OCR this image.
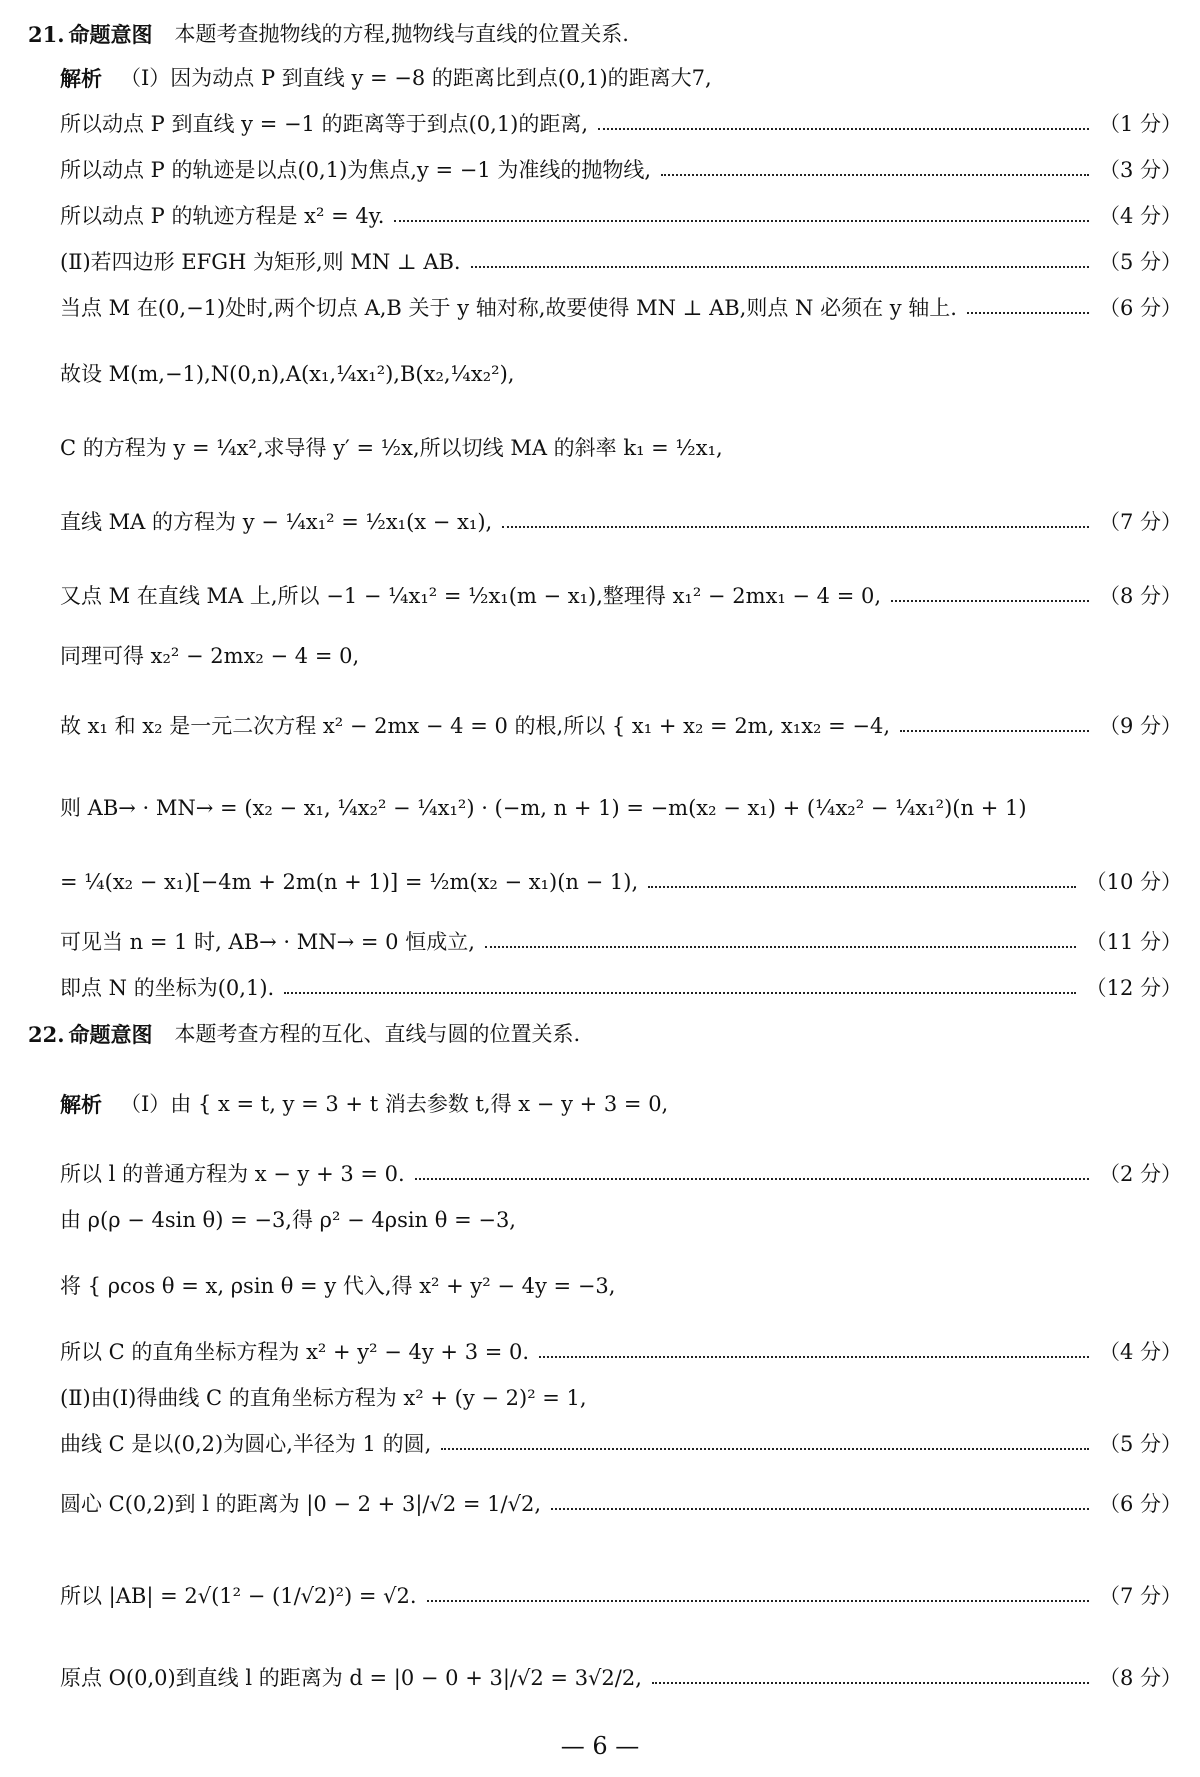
21. 命题意图 本题考查抛物线的方程,抛物线与直线的位置关系.
解析 （Ⅰ）因为动点 P 到直线 y = −8 的距离比到点(0,1)的距离大7,
所以动点 P 到直线 y = −1 的距离等于到点(0,1)的距离,	（1 分）
所以动点 P 的轨迹是以点(0,1)为焦点,y = −1 为准线的抛物线,	（3 分）
所以动点 P 的轨迹方程是 x² = 4y.	（4 分）
(Ⅱ)若四边形 EFGH 为矩形,则 MN ⊥ AB.	（5 分）
当点 M 在(0,−1)处时,两个切点 A,B 关于 y 轴对称,故要使得 MN ⊥ AB,则点 N 必须在 y 轴上.	（6 分）
故设 M(m,−1),N(0,n),A(x₁,¼x₁²),B(x₂,¼x₂²),
C 的方程为 y = ¼x²,求导得 y′ = ½x,所以切线 MA 的斜率 k₁ = ½x₁,
直线 MA 的方程为 y − ¼x₁² = ½x₁(x − x₁),	（7 分）
又点 M 在直线 MA 上,所以 −1 − ¼x₁² = ½x₁(m − x₁),整理得 x₁² − 2mx₁ − 4 = 0,	（8 分）
同理可得 x₂² − 2mx₂ − 4 = 0,
故 x₁ 和 x₂ 是一元二次方程 x² − 2mx − 4 = 0 的根,所以 { x₁ + x₂ = 2m, x₁x₂ = −4,	（9 分）
则 AB→ · MN→ = (x₂ − x₁, ¼x₂² − ¼x₁²) · (−m, n + 1) = −m(x₂ − x₁) + (¼x₂² − ¼x₁²)(n + 1)
= ¼(x₂ − x₁)[−4m + 2m(n + 1)] = ½m(x₂ − x₁)(n − 1),	（10 分）
可见当 n = 1 时, AB→ · MN→ = 0 恒成立,	（11 分）
即点 N 的坐标为(0,1).	（12 分）
22. 命题意图 本题考查方程的互化、直线与圆的位置关系.
解析 （Ⅰ）由 { x = t, y = 3 + t 消去参数 t,得 x − y + 3 = 0,
所以 l 的普通方程为 x − y + 3 = 0.	（2 分）
由 ρ(ρ − 4sin θ) = −3,得 ρ² − 4ρsin θ = −3,
将 { ρcos θ = x, ρsin θ = y 代入,得 x² + y² − 4y = −3,
所以 C 的直角坐标方程为 x² + y² − 4y + 3 = 0.	（4 分）
(Ⅱ)由(Ⅰ)得曲线 C 的直角坐标方程为 x² + (y − 2)² = 1,
曲线 C 是以(0,2)为圆心,半径为 1 的圆,	（5 分）
圆心 C(0,2)到 l 的距离为 |0 − 2 + 3|/√2 = 1/√2,	（6 分）
所以 |AB| = 2√(1² − (1/√2)²) = √2.	（7 分）
原点 O(0,0)到直线 l 的距离为 d = |0 − 0 + 3|/√2 = 3√2/2,	（8 分）
— 6 —
